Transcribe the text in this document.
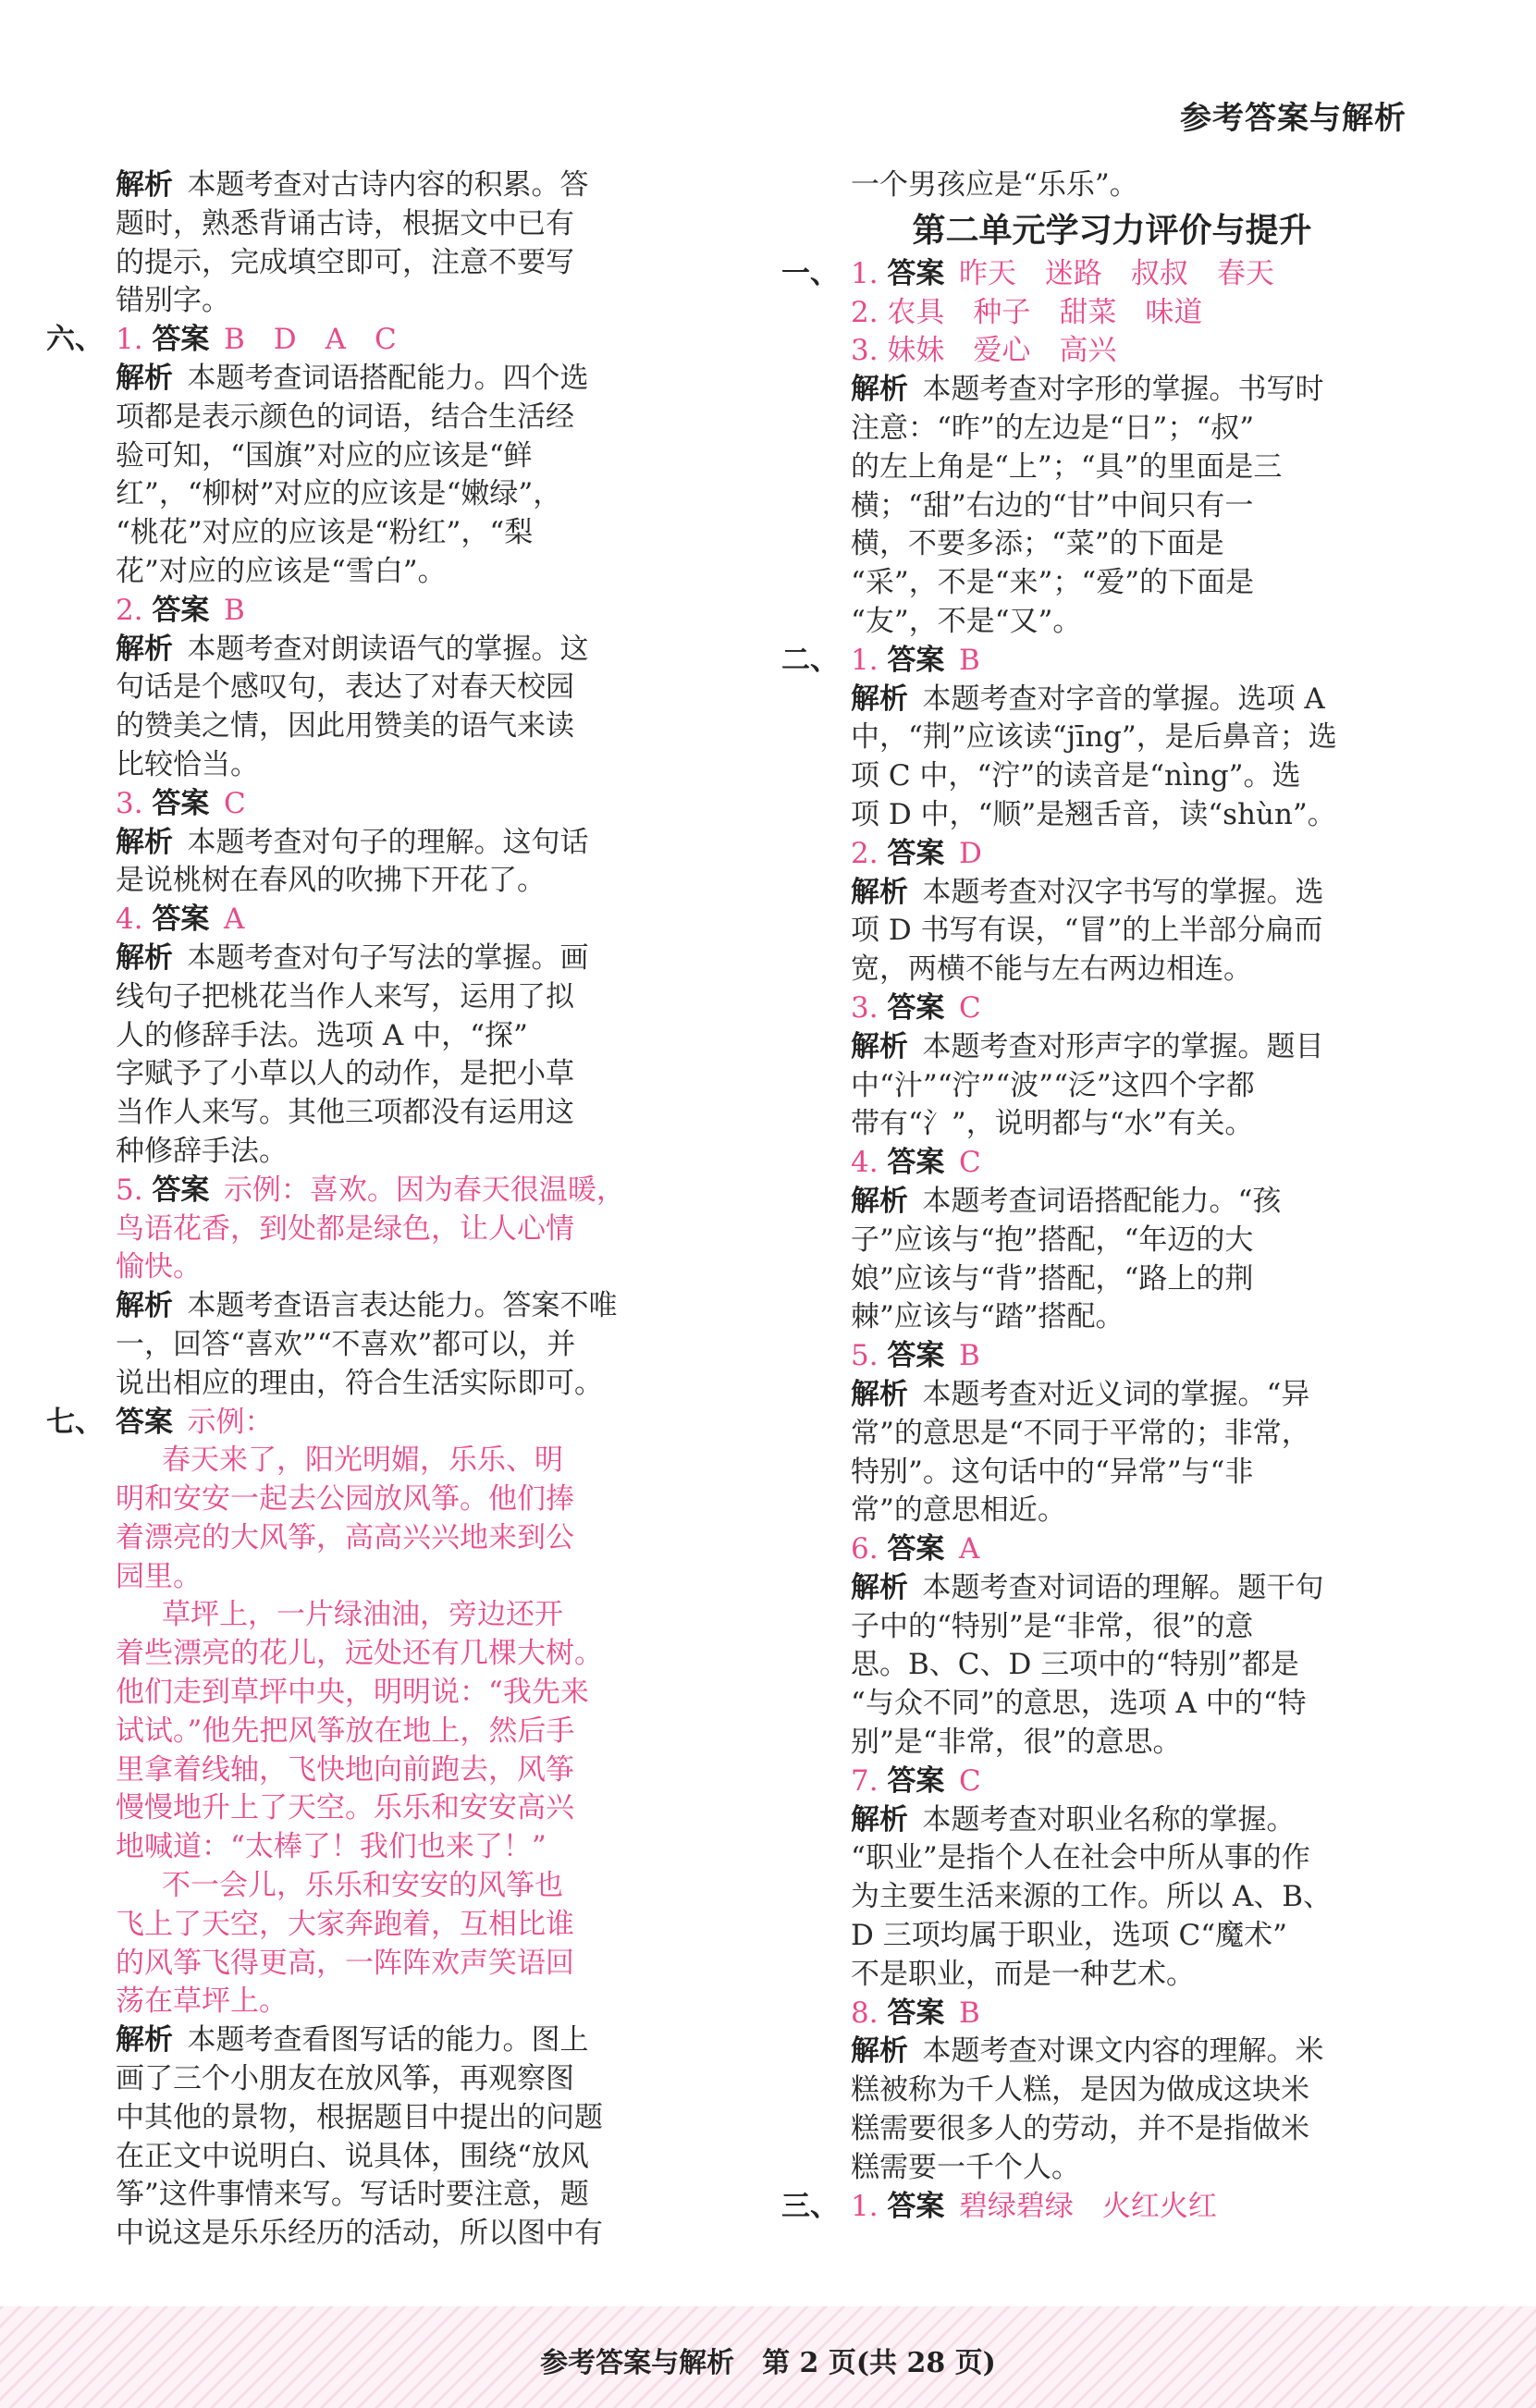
参考答案与解析
解析  本题考查对古诗内容的积累。答
题时，熟悉背诵古诗，根据文中已有
的提示，完成填空即可，注意不要写
错别字。
六、 1. 答案  B　D　A　C
解析  本题考查词语搭配能力。四个选
项都是表示颜色的词语，结合生活经
验可知，“国旗”对应的应该是“鲜
红”，“柳树”对应的应该是“嫩绿”，
“桃花”对应的应该是“粉红”，“梨
花”对应的应该是“雪白”。
2. 答案  B
解析  本题考查对朗读语气的掌握。这
句话是个感叹句，表达了对春天校园
的赞美之情，因此用赞美的语气来读
比较恰当。
3. 答案  C
解析  本题考查对句子的理解。这句话
是说桃树在春风的吹拂下开花了。
4. 答案  A
解析  本题考查对句子写法的掌握。画
线句子把桃花当作人来写，运用了拟
人的修辞手法。选项 A 中，“探”
字赋予了小草以人的动作，是把小草
当作人来写。其他三项都没有运用这
种修辞手法。
5. 答案  示例：喜欢。因为春天很温暖，
鸟语花香，到处都是绿色，让人心情
愉快。
解析  本题考查语言表达能力。答案不唯
一，回答“喜欢”“不喜欢”都可以，并
说出相应的理由，符合生活实际即可。
七、 答案  示例：
春天来了，阳光明媚，乐乐、明
明和安安一起去公园放风筝。他们捧
着漂亮的大风筝，高高兴兴地来到公
园里。
草坪上，一片绿油油，旁边还开
着些漂亮的花儿，远处还有几棵大树。
他们走到草坪中央，明明说：“我先来
试试。”他先把风筝放在地上，然后手
里拿着线轴，飞快地向前跑去，风筝
慢慢地升上了天空。乐乐和安安高兴
地喊道：“太棒了！我们也来了！”
不一会儿，乐乐和安安的风筝也
飞上了天空，大家奔跑着，互相比谁
的风筝飞得更高，一阵阵欢声笑语回
荡在草坪上。
解析  本题考查看图写话的能力。图上
画了三个小朋友在放风筝，再观察图
中其他的景物，根据题目中提出的问题
在正文中说明白、说具体，围绕“放风
筝”这件事情来写。写话时要注意，题
中说这是乐乐经历的活动，所以图中有
一个男孩应是“乐乐”。
第二单元学习力评价与提升
一、 1. 答案  昨天　迷路　叔叔　春天
2. 农具　种子　甜菜　味道
3. 妹妹　爱心　高兴
解析  本题考查对字形的掌握。书写时
注意：“昨”的左边是“日”；“叔”
的左上角是“上”；“具”的里面是三
横；“甜”右边的“甘”中间只有一
横，不要多添；“菜”的下面是
“采”，不是“来”；“爱”的下面是
“友”，不是“又”。
二、 1. 答案  B
解析  本题考查对字音的掌握。选项 A
中，“荆”应该读“jīng”，是后鼻音；选
项 C 中，“泞”的读音是“nìng”。选
项 D 中，“顺”是翘舌音，读“shùn”。
2. 答案  D
解析  本题考查对汉字书写的掌握。选
项 D 书写有误，“冒”的上半部分扁而
宽，两横不能与左右两边相连。
3. 答案  C
解析  本题考查对形声字的掌握。题目
中“汁”“泞”“波”“泛”这四个字都
带有“氵”，说明都与“水”有关。
4. 答案  C
解析  本题考查词语搭配能力。“孩
子”应该与“抱”搭配，“年迈的大
娘”应该与“背”搭配，“路上的荆
棘”应该与“踏”搭配。
5. 答案  B
解析  本题考查对近义词的掌握。“异
常”的意思是“不同于平常的；非常，
特别”。这句话中的“异常”与“非
常”的意思相近。
6. 答案  A
解析  本题考查对词语的理解。题干句
子中的“特别”是“非常，很”的意
思。B、C、D 三项中的“特别”都是
“与众不同”的意思，选项 A 中的“特
别”是“非常，很”的意思。
7. 答案  C
解析  本题考查对职业名称的掌握。
“职业”是指个人在社会中所从事的作
为主要生活来源的工作。所以 A、B、
D 三项均属于职业，选项 C“魔术”
不是职业，而是一种艺术。
8. 答案  B
解析  本题考查对课文内容的理解。米
糕被称为千人糕，是因为做成这块米
糕需要很多人的劳动，并不是指做米
糕需要一千个人。
三、 1. 答案  碧绿碧绿　火红火红
参考答案与解析　第 2 页(共 28 页)
